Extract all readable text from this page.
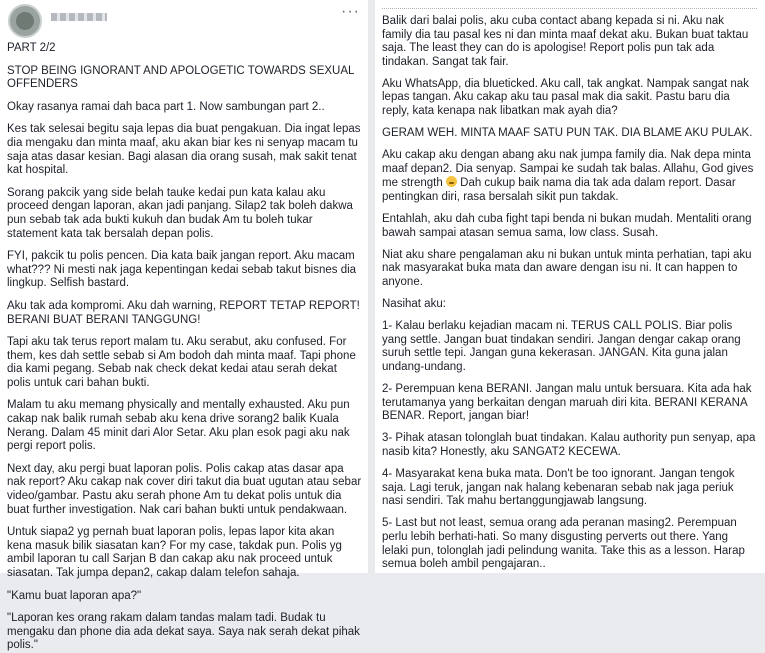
···

PART 2/2

STOP BEING IGNORANT AND APOLOGETIC TOWARDS SEXUAL OFFENDERS

Okay rasanya ramai dah baca part 1. Now sambungan part 2..

Kes tak selesai begitu saja lepas dia buat pengakuan. Dia ingat lepas dia mengaku dan minta maaf, aku akan biar kes ni senyap macam tu saja atas dasar kesian. Bagi alasan dia orang susah, mak sakit tenat kat hospital.

Sorang pakcik yang side belah tauke kedai pun kata kalau aku proceed dengan laporan, akan jadi panjang. Silap2 tak boleh dakwa pun sebab tak ada bukti kukuh dan budak Am tu boleh tukar statement kata tak bersalah depan polis.

FYI, pakcik tu polis pencen. Dia kata baik jangan report. Aku macam what??? Ni mesti nak jaga kepentingan kedai sebab takut bisnes dia lingkup. Selfish bastard.

Aku tak ada kompromi. Aku dah warning, REPORT TETAP REPORT! BERANI BUAT BERANI TANGGUNG!

Tapi aku tak terus report malam tu. Aku serabut, aku confused. For them, kes dah settle sebab si Am bodoh dah minta maaf. Tapi phone dia kami pegang. Sebab nak check dekat kedai atau serah dekat polis untuk cari bahan bukti.

Malam tu aku memang physically and mentally exhausted. Aku pun cakap nak balik rumah sebab aku kena drive sorang2 balik Kuala Nerang. Dalam 45 minit dari Alor Setar. Aku plan esok pagi aku nak pergi report polis.

Next day, aku pergi buat laporan polis. Polis cakap atas dasar apa nak report? Aku cakap nak cover diri takut dia buat ugutan atau sebar video/gambar. Pastu aku serah phone Am tu dekat polis untuk dia buat further investigation. Nak cari bahan bukti untuk pendakwaan.

Untuk siapa2 yg pernah buat laporan polis, lepas lapor kita akan kena masuk bilik siasatan kan? For my case, takdak pun. Polis yg ambil laporan tu call Sarjan B dan cakap aku nak proceed untuk siasatan. Tak jumpa depan2, cakap dalam telefon sahaja.

"Kamu buat laporan apa?"

"Laporan kes orang rakam dalam tandas malam tadi. Budak tu mengaku dan phone dia ada dekat saya. Saya nak serah dekat pihak polis."

Balik dari balai polis, aku cuba contact abang kepada si ni. Aku nak family dia tau pasal kes ni dan minta maaf dekat aku. Bukan buat taktau saja. The least they can do is apologise! Report polis pun tak ada tindakan. Sangat tak fair.

Aku WhatsApp, dia blueticked. Aku call, tak angkat. Nampak sangat nak lepas tangan. Aku cakap aku tau pasal mak dia sakit. Pastu baru dia reply, kata kenapa nak libatkan mak ayah dia?

GERAM WEH. MINTA MAAF SATU PUN TAK. DIA BLAME AKU PULAK.

Aku cakap aku dengan abang aku nak jumpa family dia. Nak depa minta maaf depan2. Dia senyap. Sampai ke sudah tak balas. Allahu, God gives me strength  Dah cukup baik nama dia tak ada dalam report. Dasar pentingkan diri, rasa bersalah sikit pun takdak.

Entahlah, aku dah cuba fight tapi benda ni bukan mudah. Mentaliti orang bawah sampai atasan semua sama, low class. Susah.

Niat aku share pengalaman aku ni bukan untuk minta perhatian, tapi aku nak masyarakat buka mata dan aware dengan isu ni. It can happen to anyone.

Nasihat aku:

1- Kalau berlaku kejadian macam ni. TERUS CALL POLIS. Biar polis yang settle. Jangan buat tindakan sendiri. Jangan dengar cakap orang suruh settle tepi. Jangan guna kekerasan. JANGAN. Kita guna jalan undang-undang.

2- Perempuan kena BERANI. Jangan malu untuk bersuara. Kita ada hak terutamanya yang berkaitan dengan maruah diri kita. BERANI KERANA BENAR. Report, jangan biar!

3- Pihak atasan tolonglah buat tindakan. Kalau authority pun senyap, apa nasib kita? Honestly, aku SANGAT2 KECEWA.

4- Masyarakat kena buka mata. Don't be too ignorant. Jangan tengok saja. Lagi teruk, jangan nak halang kebenaran sebab nak jaga periuk nasi sendiri. Tak mahu bertanggungjawab langsung.

5- Last but not least, semua orang ada peranan masing2. Perempuan perlu lebih berhati-hati. So many disgusting perverts out there. Yang lelaki pun, tolonglah jadi pelindung wanita. Take this as a lesson. Harap semua boleh ambil pengajaran..
